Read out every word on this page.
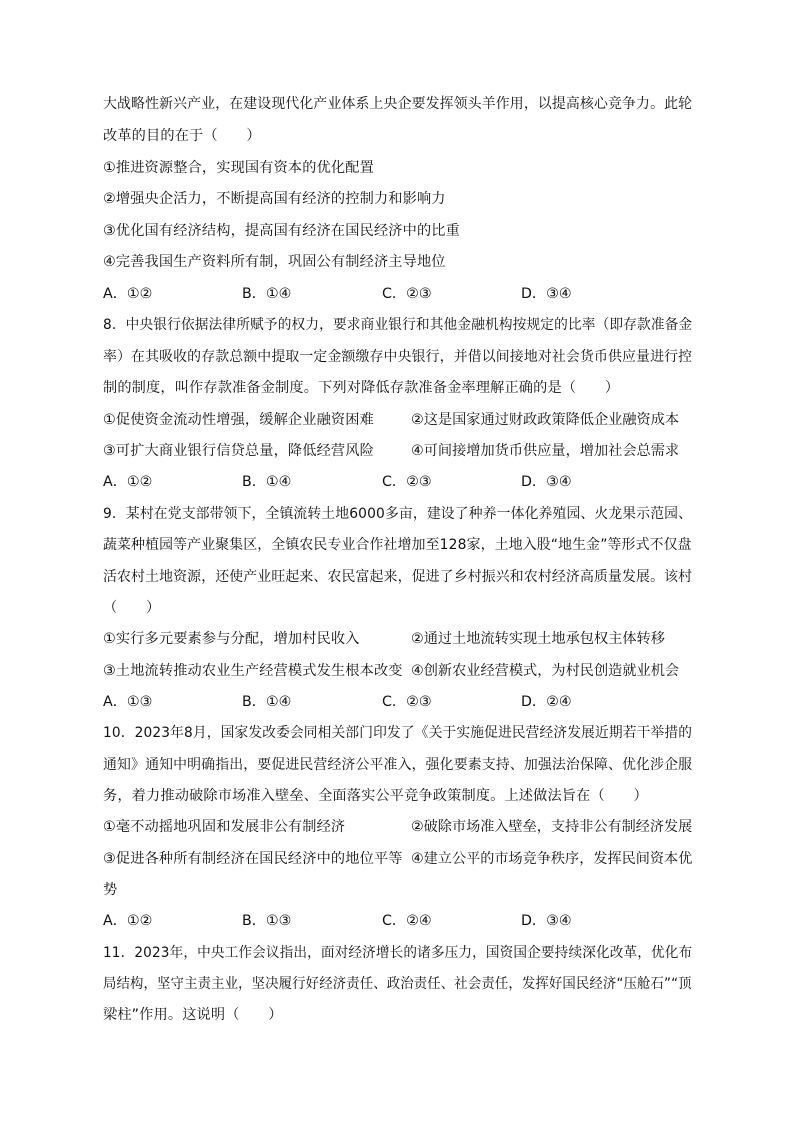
大战略性新兴产业，在建设现代化产业体系上央企要发挥领头羊作用，以提高核心竞争力。此轮
改革的目的在于（　　）
①推进资源整合，实现国有资本的优化配置
②增强央企活力，不断提高国有经济的控制力和影响力
③优化国有经济结构，提高国有经济在国民经济中的比重
④完善我国生产资料所有制，巩固公有制经济主导地位
A．①②	B．①④	C．②③	D．③④
8．中央银行依据法律所赋予的权力，要求商业银行和其他金融机构按规定的比率（即存款准备金
率）在其吸收的存款总额中提取一定金额缴存中央银行，并借以间接地对社会货币供应量进行控
制的制度，叫作存款准备金制度。下列对降低存款准备金率理解正确的是（　　）
①促使资金流动性增强，缓解企业融资困难	②这是国家通过财政政策降低企业融资成本
③可扩大商业银行信贷总量，降低经营风险	④可间接增加货币供应量，增加社会总需求
A．①②	B．①④	C．②③	D．③④
9．某村在党支部带领下，全镇流转土地6000多亩，建设了种养一体化养殖园、火龙果示范园、
蔬菜种植园等产业聚集区，全镇农民专业合作社增加至128家，土地入股“地生金”等形式不仅盘
活农村土地资源，还使产业旺起来、农民富起来，促进了乡村振兴和农村经济高质量发展。该村
（　　）
①实行多元要素参与分配，增加村民收入	②通过土地流转实现土地承包权主体转移
③土地流转推动农业生产经营模式发生根本改变 ④创新农业经营模式，为村民创造就业机会
A．①③	B．①④	C．②③	D．②④
10．2023年8月，国家发改委会同相关部门印发了《关于实施促进民营经济发展近期若干举措的
通知》通知中明确指出，要促进民营经济公平准入，强化要素支持、加强法治保障、优化涉企服
务，着力推动破除市场准入壁垒、全面落实公平竞争政策制度。上述做法旨在（　　）
①毫不动摇地巩固和发展非公有制经济	②破除市场准入壁垒，支持非公有制经济发展
③促进各种所有制经济在国民经济中的地位平等 ④建立公平的市场竞争秩序，发挥民间资本优
势
A．①②	B．①③	C．②④	D．③④
11．2023年，中央工作会议指出，面对经济增长的诸多压力，国资国企要持续深化改革，优化布
局结构，坚守主责主业，坚决履行好经济责任、政治责任、社会责任，发挥好国民经济“压舱石”“顶
梁柱”作用。这说明（　　）
